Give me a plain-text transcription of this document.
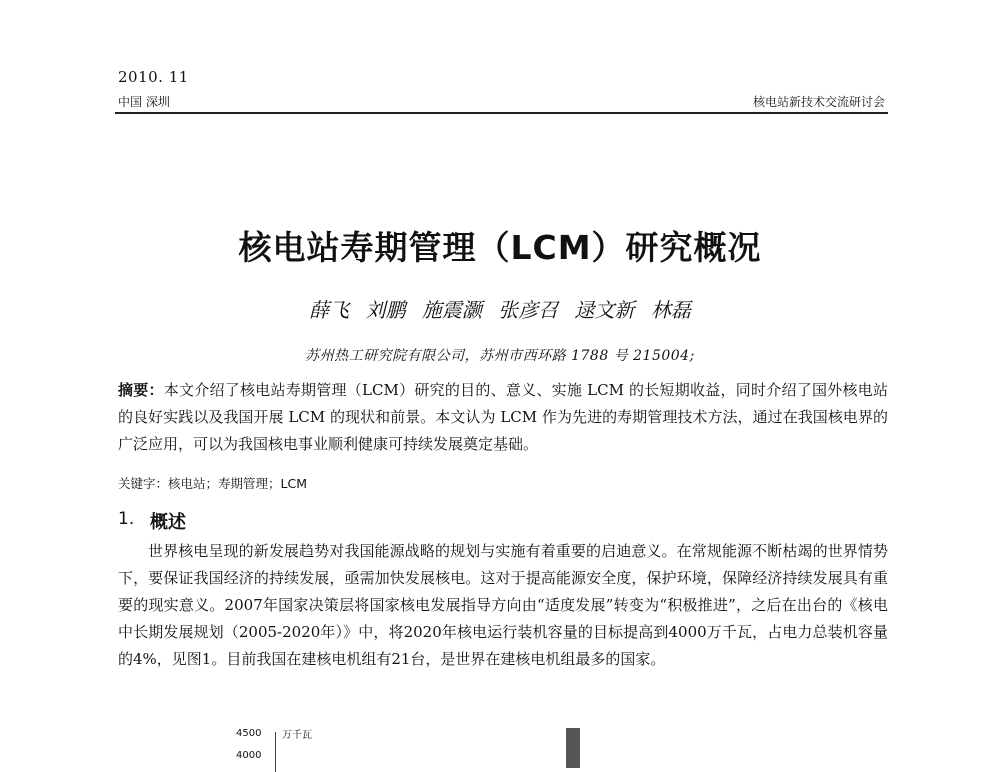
2010. 11
中国 深圳	核电站新技术交流研讨会
核电站寿期管理（LCM）研究概况
薛飞 刘鹏 施震灏 张彦召 逯文新 林磊
苏州热工研究院有限公司，苏州市西环路 1788 号 215004;
摘要：本文介绍了核电站寿期管理（LCM）研究的目的、意义、实施 LCM 的长短期收益，同时介绍了国外核电站的良好实践以及我国开展 LCM 的现状和前景。本文认为 LCM 作为先进的寿期管理技术方法，通过在我国核电界的广泛应用，可以为我国核电事业顺利健康可持续发展奠定基础。
关键字：核电站；寿期管理；LCM
1. 概述
世界核电呈现的新发展趋势对我国能源战略的规划与实施有着重要的启迪意义。在常规能源不断枯竭的世界情势下，要保证我国经济的持续发展，亟需加快发展核电。这对于提高能源安全度，保护环境，保障经济持续发展具有重要的现实意义。2007年国家决策层将国家核电发展指导方向由“适度发展”转变为“积极推进”，之后在出台的《核电中长期发展规划（2005-2020年）》中，将2020年核电运行装机容量的目标提高到4000万千瓦，占电力总装机容量的4%，见图1。目前我国在建核电机组有21台，是世界在建核电机组最多的国家。
4500
4000
万千瓦
